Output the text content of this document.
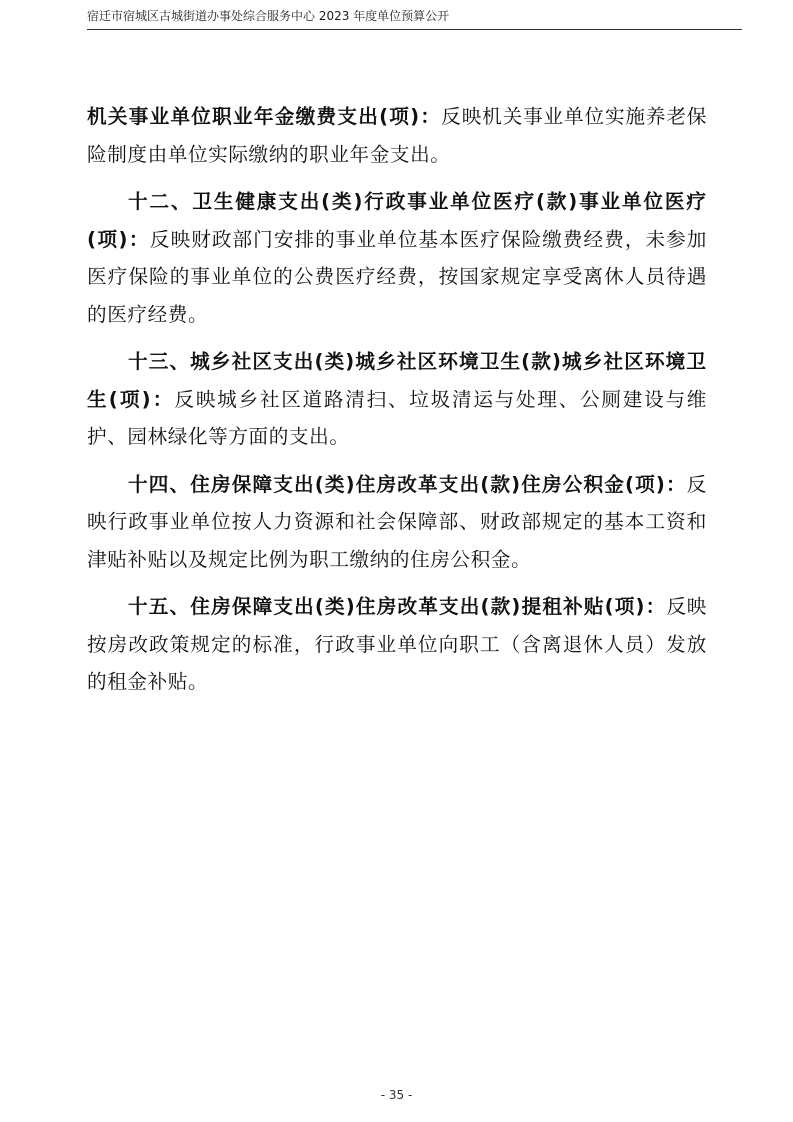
宿迁市宿城区古城街道办事处综合服务中心 2023 年度单位预算公开

机关事业单位职业年金缴费支出(项)：反映机关事业单位实施养老保险制度由单位实际缴纳的职业年金支出。

十二、卫生健康支出(类)行政事业单位医疗(款)事业单位医疗(项)：反映财政部门安排的事业单位基本医疗保险缴费经费，未参加医疗保险的事业单位的公费医疗经费，按国家规定享受离休人员待遇的医疗经费。

十三、城乡社区支出(类)城乡社区环境卫生(款)城乡社区环境卫生(项)：反映城乡社区道路清扫、垃圾清运与处理、公厕建设与维护、园林绿化等方面的支出。

十四、住房保障支出(类)住房改革支出(款)住房公积金(项)：反映行政事业单位按人力资源和社会保障部、财政部规定的基本工资和津贴补贴以及规定比例为职工缴纳的住房公积金。

十五、住房保障支出(类)住房改革支出(款)提租补贴(项)：反映按房改政策规定的标准，行政事业单位向职工（含离退休人员）发放的租金补贴。

- 35 -
